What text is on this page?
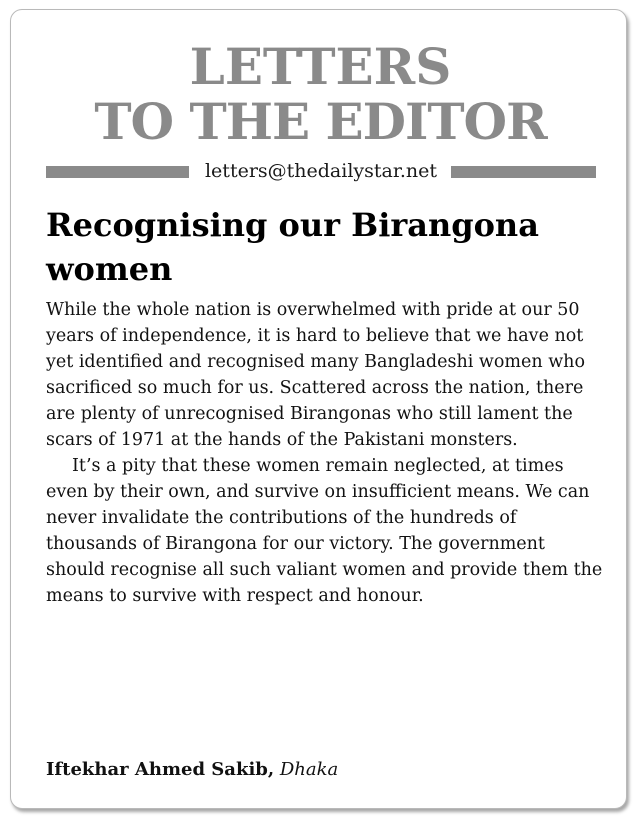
LETTERS
TO THE EDITOR
letters@thedailystar.net
Recognising our Birangona women

While the whole nation is overwhelmed with pride at our 50 years of independence, it is hard to believe that we have not yet identified and recognised many Bangladeshi women who sacrificed so much for us. Scattered across the nation, there are plenty of unrecognised Birangonas who still lament the scars of 1971 at the hands of the Pakistani monsters.

It’s a pity that these women remain neglected, at times even by their own, and survive on insufficient means. We can never invalidate the contributions of the hundreds of thousands of Birangona for our victory. The government should recognise all such valiant women and provide them the means to survive with respect and honour.

Iftekhar Ahmed Sakib, Dhaka
